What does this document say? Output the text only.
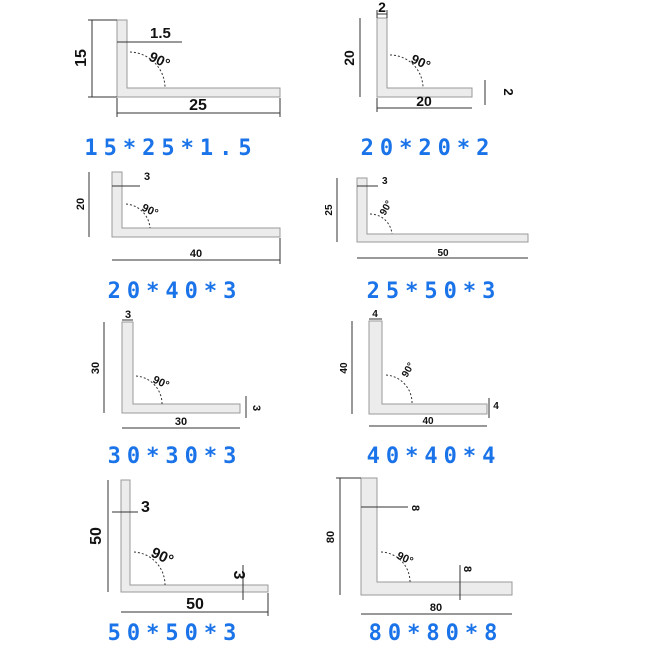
15
25
1.5
90°
2
20
20
2
90°
20
3
40
90°	25
3
50
90°
3
30
30
3
90°
4
40
40
4
90°
50
3
50
3
90°
80
8
80
8
90°
15*25*1.5	20*20*2
20*40*3	25*50*3
30*30*3	40*40*4
50*50*3	80*80*8
